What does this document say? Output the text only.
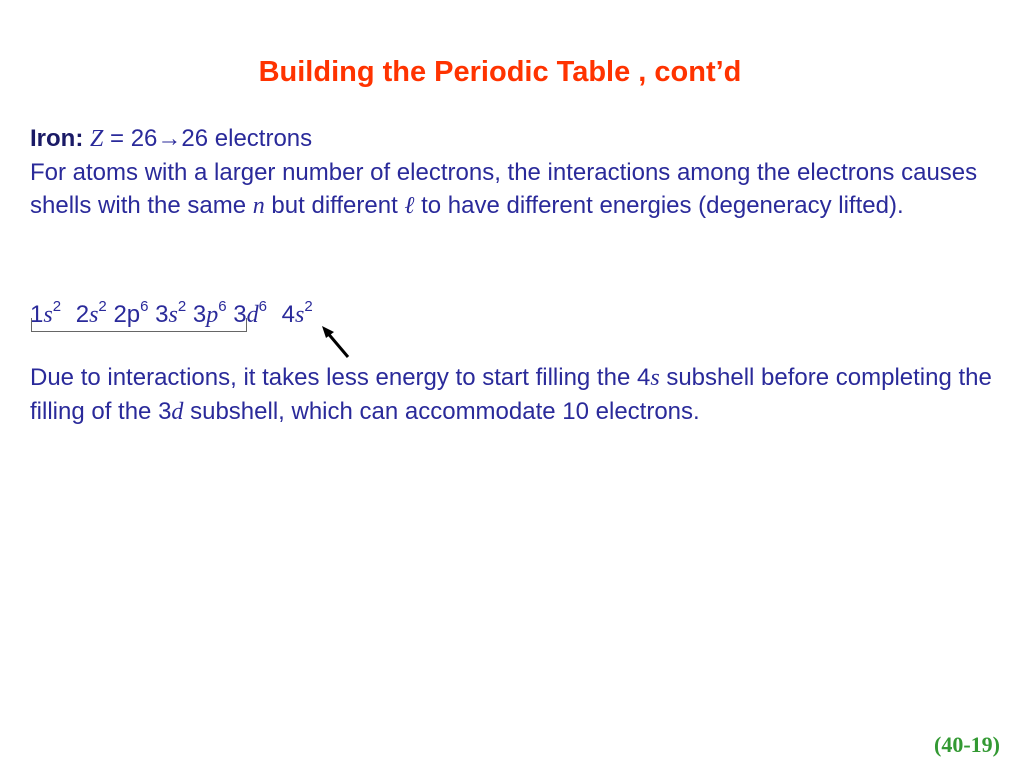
Building the Periodic Table , cont’d
Iron: Z = 26→26 electrons
For atoms with a larger number of electrons, the interactions among the electrons causes shells with the same n but different ℓ to have different energies (degeneracy lifted).
$1s^2$ $2s^2$ $2p^6$ $3s^2$ $3p^6$ $3d^6$ $4s^2$
Due to interactions, it takes less energy to start filling the 4s subshell before completing the filling of the 3d subshell, which can accommodate 10 electrons.
(40-19)
